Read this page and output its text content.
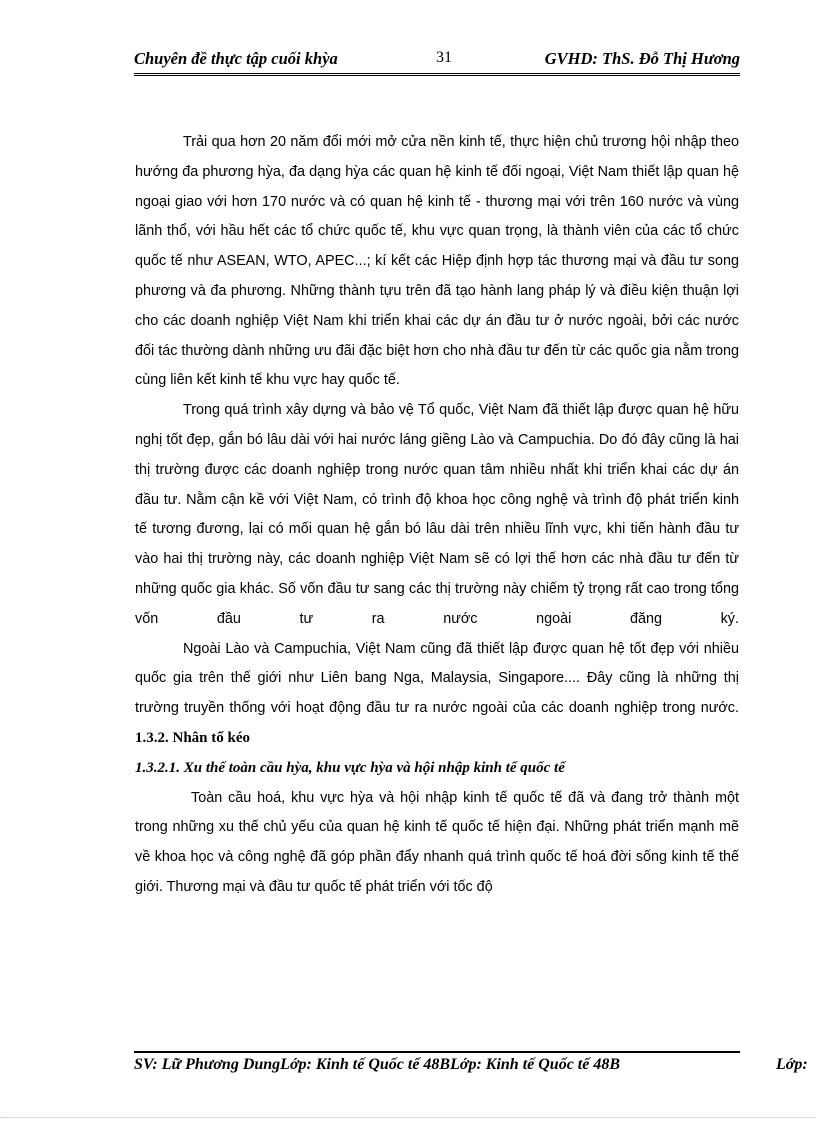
Chuyên đề thực tập cuối khỳa	31	GVHD: ThS. Đỗ Thị Hương

Trải qua hơn 20 năm đổi mới mở cửa nền kinh tế, thực hiện chủ trương hội nhập theo hướng đa phương hỳa, đa dạng hỳa các quan hệ kinh tế đối ngoại, Việt Nam thiết lập quan hệ ngoại giao với hơn 170 nước và có quan hệ kinh tế - thương mại với trên 160 nước và vùng lãnh thổ, với hầu hết các tổ chức quốc tế, khu vực quan trọng, là thành viên của các tổ chức quốc tế như ASEAN, WTO, APEC...; kí kết các Hiệp định hợp tác thương mại và đầu tư song phương và đa phương. Những thành tựu trên đã tạo hành lang pháp lý và điều kiện thuận lợi cho các doanh nghiệp Việt Nam khi triển khai các dự án đầu tư ở nước ngoài, bởi các nước đối tác thường dành những ưu đãi đặc biệt hơn cho nhà đầu tư đến từ các quốc gia nằm trong cùng liên kết kinh tế khu vực hay quốc tế.

Trong quá trình xây dựng và bảo vệ Tổ quốc, Việt Nam đã thiết lập được quan hệ hữu nghị tốt đẹp, gắn bó lâu dài với hai nước láng giềng Lào và Campuchia. Do đó đây cũng là hai thị trường được các doanh nghiệp trong nước quan tâm nhiều nhất khi triển khai các dự án đầu tư. Nằm cận kề với Việt Nam, có trình độ khoa học công nghệ và trình độ phát triển kinh tế tương đương, lại có mối quan hệ gắn bó lâu dài trên nhiều lĩnh vực, khi tiến hành đầu tư vào hai thị trường này, các doanh nghiệp Việt Nam sẽ có lợi thế hơn các nhà đầu tư đến từ những quốc gia khác. Số vốn đầu tư sang các thị trường này chiếm tỷ trọng rất cao trong tổng vốn đầu tư ra nước ngoài đăng ký.

Ngoài Lào và Campuchia, Việt Nam cũng đã thiết lập được quan hệ tốt đẹp với nhiều quốc gia trên thế giới như Liên bang Nga, Malaysia, Singapore.... Đây cũng là những thị trường truyền thống với hoạt động đầu tư ra nước ngoài của các doanh nghiệp trong nước.

1.3.2. Nhân tố kéo
1.3.2.1. Xu thế toàn cầu hỳa, khu vực hỳa và hội nhập kinh tế quốc tế

Toàn cầu hoá, khu vực hỳa và hội nhập kinh tế quốc tế đã và đang trở thành một trong những xu thế chủ yếu của quan hệ kinh tế quốc tế hiện đại. Những phát triển mạnh mẽ về khoa học và công nghệ đã góp phần đẩy nhanh quá trình quốc tế hoá đời sống kinh tế thế giới. Thương mại và đầu tư quốc tế phát triển với tốc độ

SV: Lữ Phương DungLớp: Kinh tế Quốc tế 48BLớp: Kinh tế Quốc tế 48B	Lớp:
